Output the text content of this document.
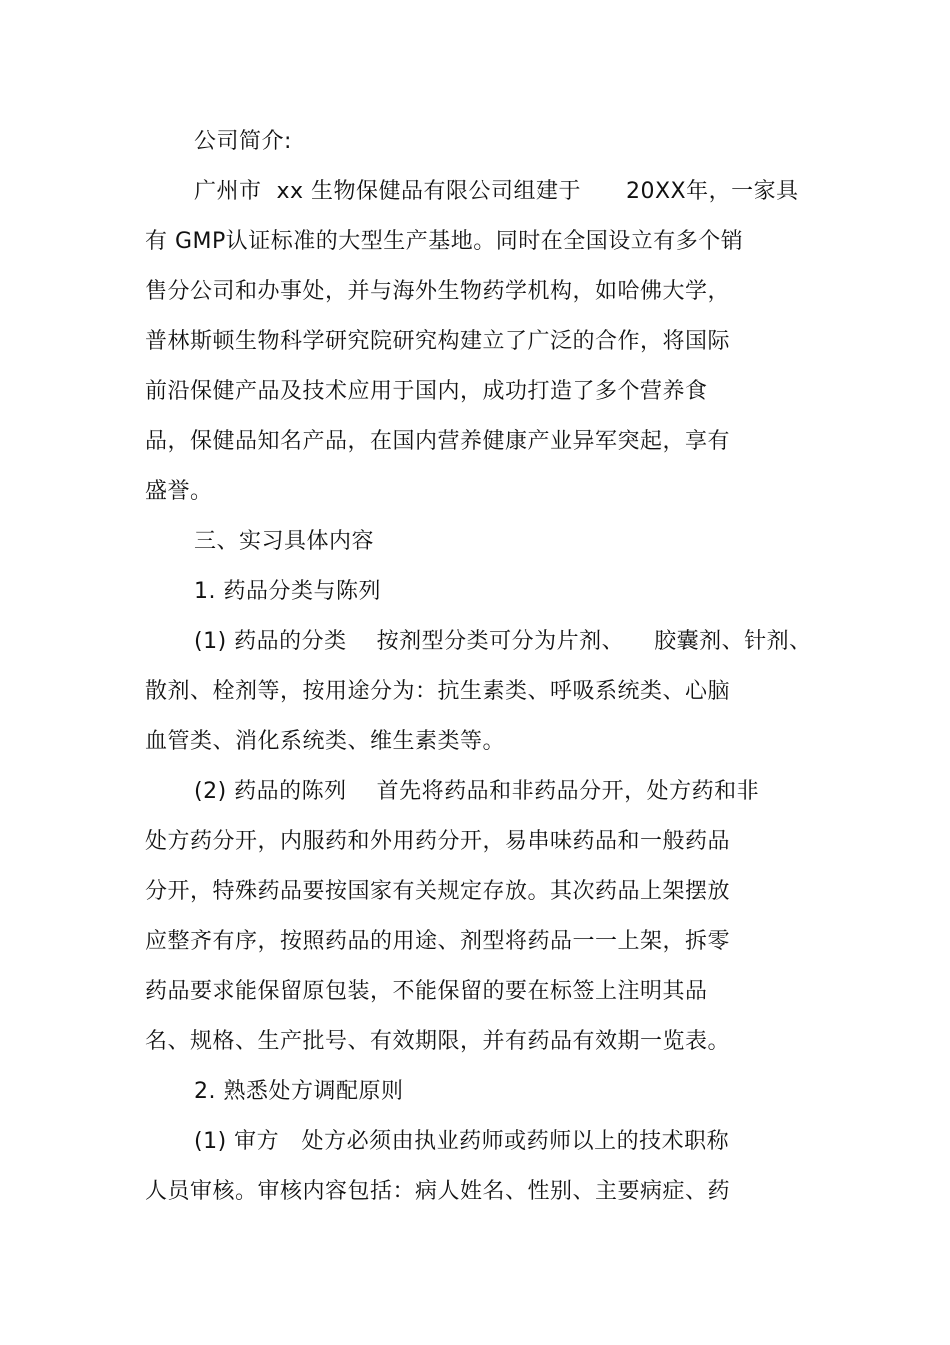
公司简介:
广州市  xx 生物保健品有限公司组建于      20XX年，一家具
有 GMP认证标准的大型生产基地。同时在全国设立有多个销
售分公司和办事处，并与海外生物药学机构，如哈佛大学，
普林斯顿生物科学研究院研究构建立了广泛的合作，将国际
前沿保健产品及技术应用于国内，成功打造了多个营养食
品，保健品知名产品，在国内营养健康产业异军突起，享有
盛誉。
三、实习具体内容
1. 药品分类与陈列
(1) 药品的分类    按剂型分类可分为片剂、    胶囊剂、针剂、
散剂、栓剂等，按用途分为：抗生素类、呼吸系统类、心脑
血管类、消化系统类、维生素类等。
(2) 药品的陈列    首先将药品和非药品分开，处方药和非
处方药分开，内服药和外用药分开，易串味药品和一般药品
分开，特殊药品要按国家有关规定存放。其次药品上架摆放
应整齐有序，按照药品的用途、剂型将药品一一上架，拆零
药品要求能保留原包装，不能保留的要在标签上注明其品
名、规格、生产批号、有效期限，并有药品有效期一览表。
2. 熟悉处方调配原则
(1) 审方   处方必须由执业药师或药师以上的技术职称
人员审核。审核内容包括：病人姓名、性别、主要病症、药
